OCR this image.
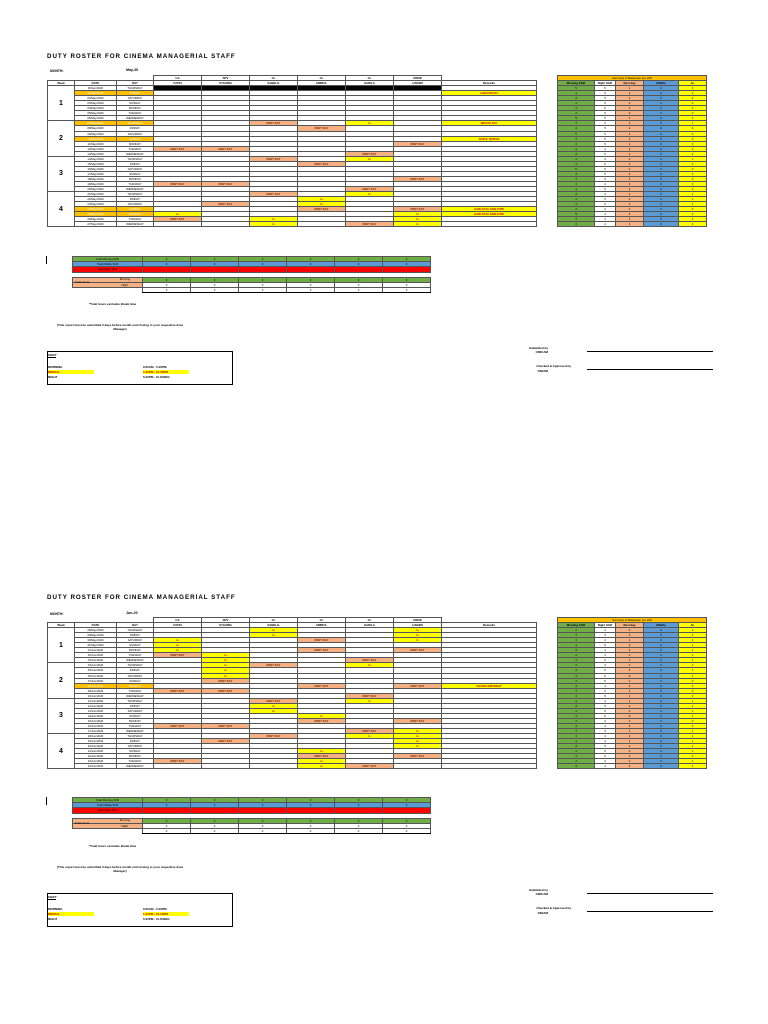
DUTY ROSTER FOR CINEMA MANAGERIAL STAFF
MONTH:	May-20
			CA	SPV	CL	CL	CL	CREW			Summary of Manpower per shift				
Week	DATE	DAY	FATIN	SYAHIRA	SABELIL	AMIRUL	SADILA	HAKIMI	Remarks		Morning Shift	Night Shift	Rest day	Middle	AL
1	30/Apr/2020	THURSDAY									5	5	1	0	0
	01/May/2020	FRIDAY							LABOUR DAY		4	5	2	0	0
	02/May/2020	SATURDAY									4	5	2	0	0
	03/May/2020	SUNDAY									4	5	2	0	0
	04/May/2020	MONDAY									4	5	2	0	0
	05/May/2020	TUESDAY									4	5	2	0	0
	06/May/2020	WEDNESDAY									5	5	1	0	0
2	07/May/2020	THURSDAY			REST DAY		AL		WESAK DAY		3	4	2	0	1
	08/May/2020	FRIDAY				REST DAY					4	5	2	0	0
	09/May/2020	SATURDAY									5	5	1	0	0
	10/May/2020	SUNDAY							NUZUL QURAN		4	5	2	0	0
	11/May/2020	MONDAY						REST DAY			4	5	2	0	0
	12/May/2020	TUESDAY	REST DAY	REST DAY							3	4	3	0	0
	13/May/2020	WEDNESDAY					REST DAY				4	5	2	0	0
3	14/May/2020	THURSDAY			REST DAY		AL				4	4	2	0	1
	15/May/2020	FRIDAY				REST DAY					4	5	2	0	0
	16/May/2020	SATURDAY									5	5	1	0	0
	17/May/2020	SUNDAY									4	5	2	0	0
	18/May/2020	MONDAY						REST DAY			4	5	2	0	0
	19/May/2020	TUESDAY	REST DAY	REST DAY							3	4	3	0	0
	20/May/2020	WEDNESDAY					REST DAY				4	5	2	0	0
4	21/May/2020	THURSDAY			REST DAY		AL				4	4	2	0	1
	22/May/2020	FRIDAY				AL					4	5	2	0	1
	23/May/2020	SATURDAY		REST DAY		AL					4	4	2	0	1
	24/May/2020	SUNDAY				REST DAY		REST DAY	HARI RAYA AIDILFITRI		4	4	2	0	0
	25/May/2020	MONDAY	AL					AL	HARI RAYA AIDILFITRI		5	4	0	0	2
	26/May/2020	TUESDAY	REST DAY		AL			AL			4	4	1	0	2
	27/May/2020	WEDNESDAY			AL		REST DAY	AL			4	4	1	0	2
Total Morning Shift	0	0	0	0	0	0
Total Middle Shift	0	0	0	0	0	0
Total Night Shift						

Total Hours
Morning	0	0	0	0	0	0
Night	0	0	0	0	0	0
	0	0	0	0	0	0
*Total hours excludes Break time
(This report must be submitted 3 days before month end closing to your respective Area Manager)
SHIFT
MORNING	9.00AM - 5.00PM
MIDDLE	1.00PM - 10.00PM
NIGHT	5.00PM - CLOSING
Submitted by
CM/CAM
Checked & Approved by
OM/AM
DUTY ROSTER FOR CINEMA MANAGERIAL STAFF
MONTH:	Jun-20
			CA	SPV	CL	CL	CL	CREW			Summary of Manpower per shift				
Week	DATE	DAY	FATIN	SYAHIRA	SABELIL	AMIRUL	SADILA	HAKIMI	Remarks		Morning Shift	Night Shift	Rest day	Middle	AL
1	28/May/2020	THURSDAY			AL			AL			4	4	0	0	2
	29/May/2020	FRIDAY			AL			AL			4	4	0	0	2
	30/May/2020	SATURDAY	AL			REST DAY		AL			3	3	1	0	2
	31/May/2020	SUNDAY	AL								4	5	0	0	1
	01/Jun/2020	MONDAY	AL			REST DAY		REST DAY			3	4	2	0	1
	02/Jun/2020	TUESDAY	REST DAY	AL							4	4	1	0	1
	03/Jun/2020	WEDNESDAY		AL			REST DAY				4	4	1	0	1
2	04/Jun/2020	THURSDAY		AL	REST DAY		AL				3	3	2	0	2
	05/Jun/2020	FRIDAY		AL							4	5	0	0	1
	06/Jun/2020	SATURDAY		AL							4	5	0	0	1
	07/Jun/2020	SUNDAY		REST DAY							4	5	1	0	0
	08/Jun/2020	MONDAY				REST DAY		REST DAY	AGONG BIRTHDAY		4	4	2	0	0
	09/Jun/2020	TUESDAY	REST DAY	REST DAY							3	4	2	0	0
	10/Jun/2020	WEDNESDAY					REST DAY				4	5	1	0	0
3	11/Jun/2020	THURSDAY			REST DAY		AL				4	4	1	0	1
	12/Jun/2020	FRIDAY			AL						4	5	0	0	1
	13/Jun/2020	SATURDAY			AL						4	5	0	0	1
	14/Jun/2020	SUNDAY				AL					4	5	0	0	1
	15/Jun/2020	MONDAY				REST DAY		REST DAY			4	4	2	0	0
	16/Jun/2020	TUESDAY	REST DAY	REST DAY							4	4	2	0	0
	17/Jun/2020	WEDNESDAY					REST DAY	AL			4	4	1	0	1
4	18/Jun/2020	THURSDAY			REST DAY		AL	AL			3	3	2	0	2
	19/Jun/2020	FRIDAY		REST DAY				AL			4	4	1	0	1
	20/Jun/2020	SATURDAY						AL			4	5	0	0	1
	21/Jun/2020	SUNDAY				AL					4	5	0	0	1
	22/Jun/2020	MONDAY				REST DAY		REST DAY			4	4	2	0	0
	23/Jun/2020	TUESDAY	REST DAY			AL					4	4	1	0	1
	24/Jun/2020	WEDNESDAY				AL	REST DAY				3	4	2	0	1
Total Morning Shift	0	0	0	0	0	0
Total Middle Shift	0	0	0	0	0	0
Total Night Shift						

Total Hours
Morning	0	0	0	0	0	0
Night	0	0	0	0	0	0
	0	0	0	0	0	0
*Total hours excludes Break time
(This report must be submitted 3 days before month end closing to your respective Area Manager)
SHIFT
MORNING	9.00AM - 5.00PM
MIDDLE	1.00PM - 10.00PM
NIGHT	5.00PM - CLOSING
Submitted by
CM/CAM
Checked & Approved by
OM/AM
